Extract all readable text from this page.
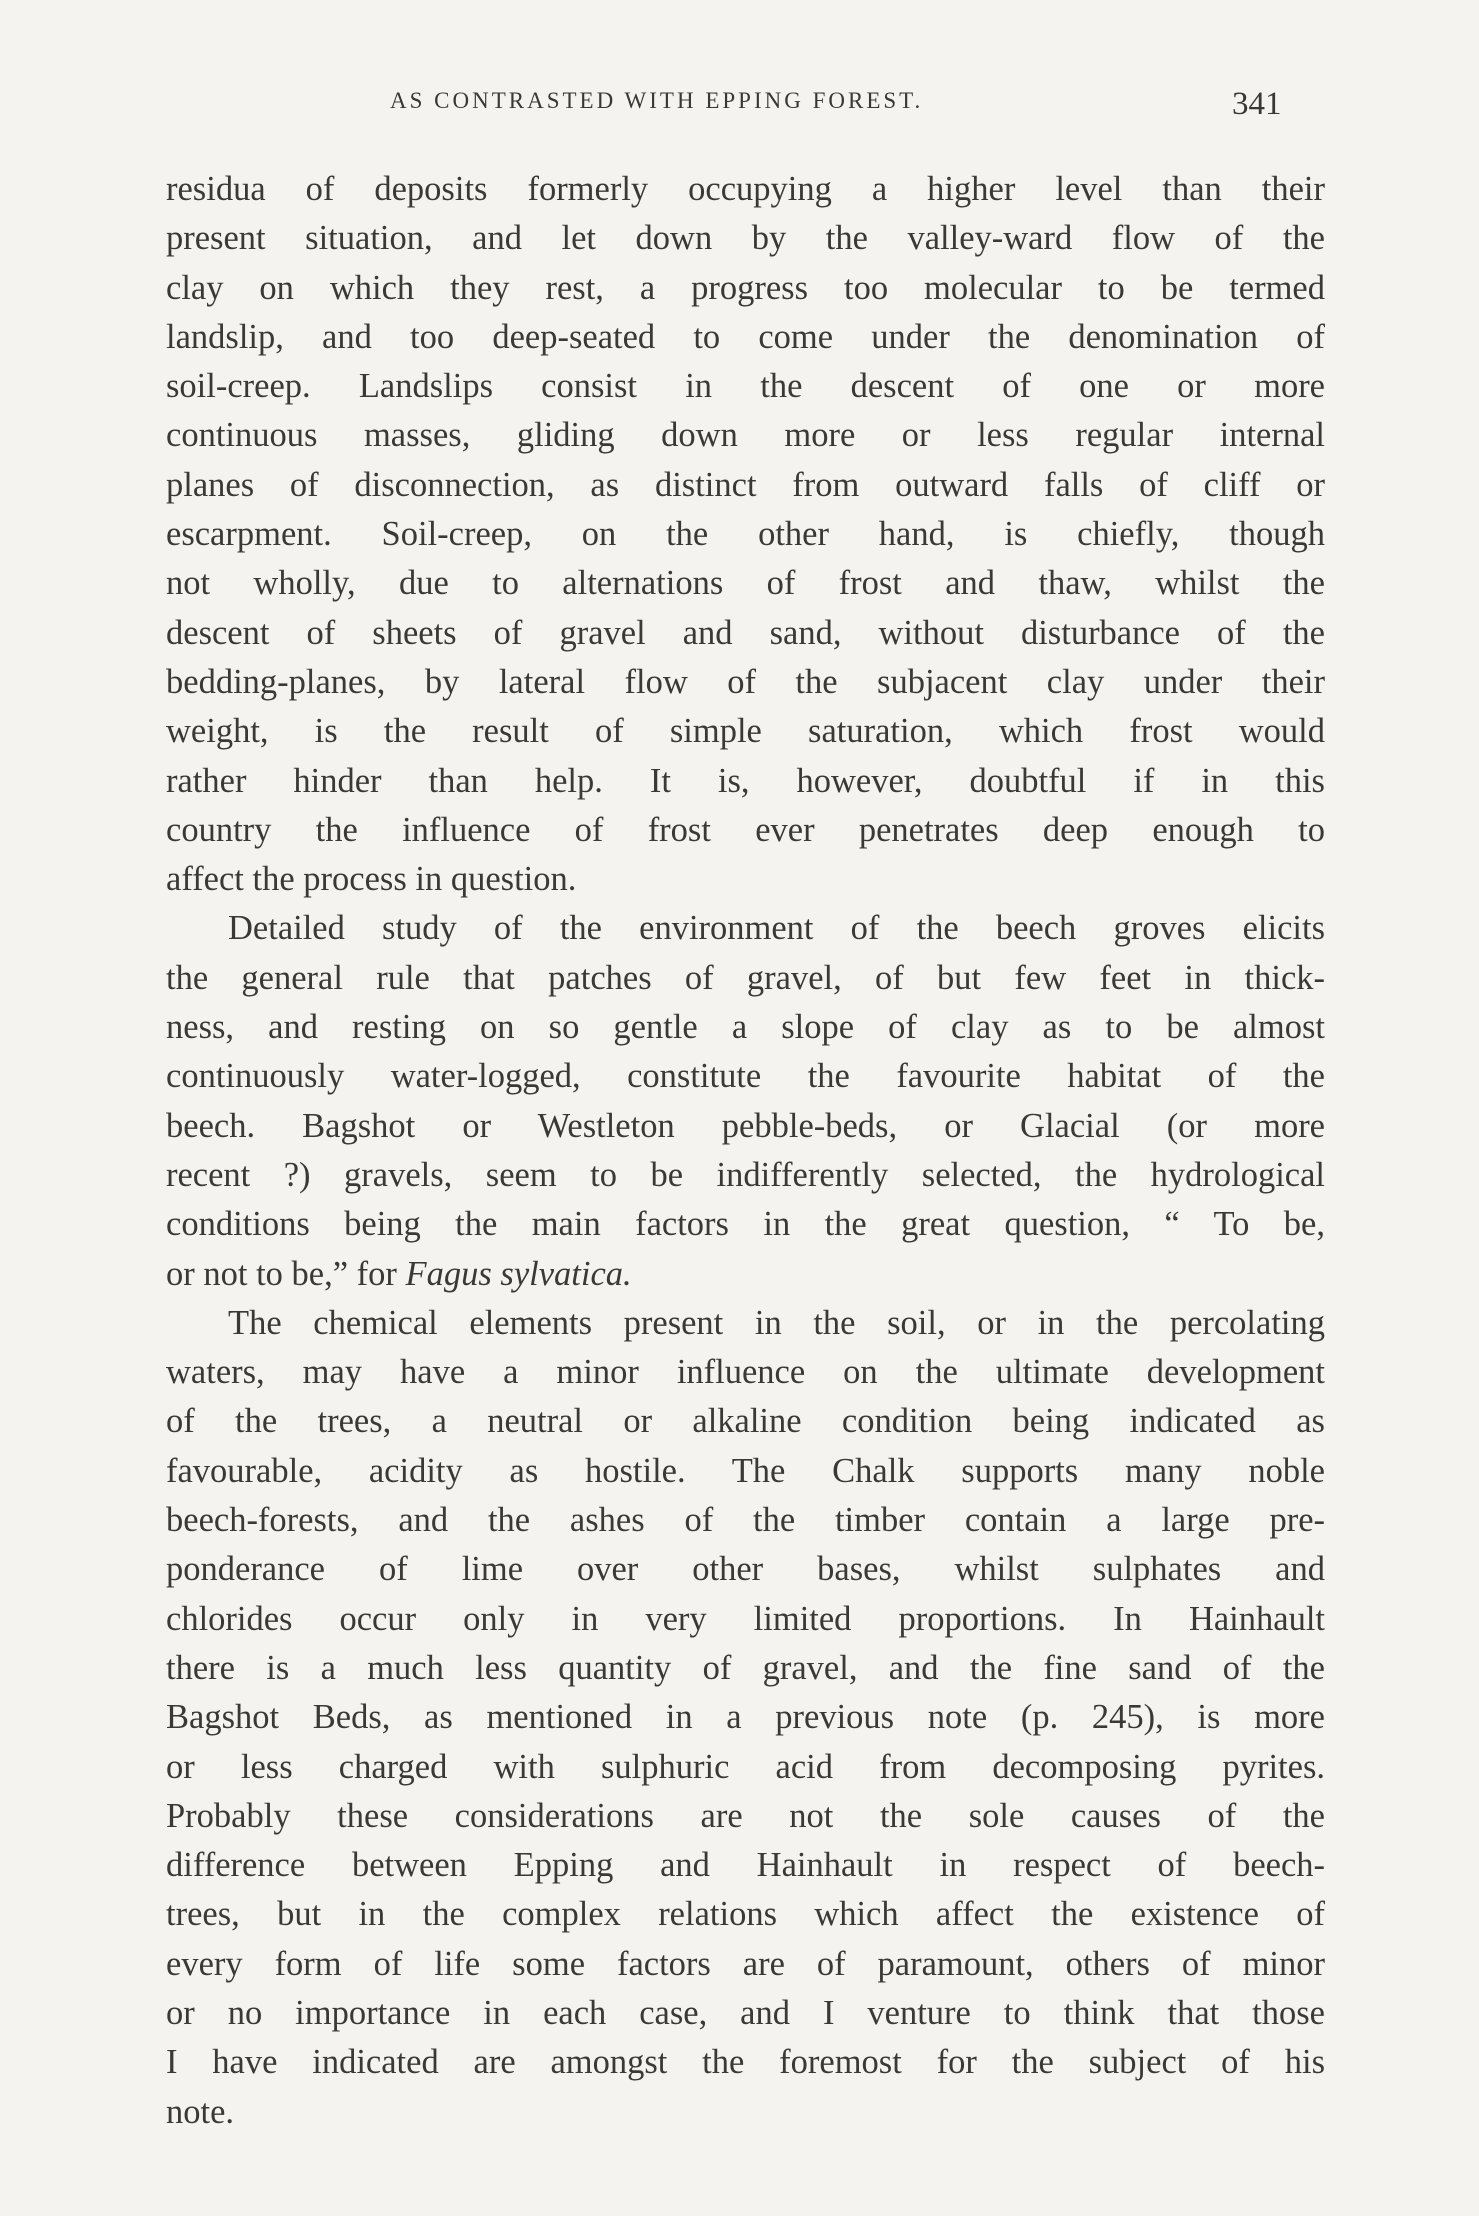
AS CONTRASTED WITH EPPING FOREST.	341
residua of deposits formerly occupying a higher level than their
present situation, and let down by the valley-ward flow of the
clay on which they rest, a progress too molecular to be termed
landslip, and too deep-seated to come under the denomination of
soil-creep. Landslips consist in the descent of one or more
continuous masses, gliding down more or less regular internal
planes of disconnection, as distinct from outward falls of cliff or
escarpment. Soil-creep, on the other hand, is chiefly, though
not wholly, due to alternations of frost and thaw, whilst the
descent of sheets of gravel and sand, without disturbance of the
bedding-planes, by lateral flow of the subjacent clay under their
weight, is the result of simple saturation, which frost would
rather hinder than help. It is, however, doubtful if in this
country the influence of frost ever penetrates deep enough to
affect the process in question.
Detailed study of the environment of the beech groves elicits
the general rule that patches of gravel, of but few feet in thick-
ness, and resting on so gentle a slope of clay as to be almost
continuously water-logged, constitute the favourite habitat of the
beech. Bagshot or Westleton pebble-beds, or Glacial (or more
recent ?) gravels, seem to be indifferently selected, the hydrological
conditions being the main factors in the great question, “ To be,
or not to be,” for Fagus sylvatica.
The chemical elements present in the soil, or in the percolating
waters, may have a minor influence on the ultimate development
of the trees, a neutral or alkaline condition being indicated as
favourable, acidity as hostile. The Chalk supports many noble
beech-forests, and the ashes of the timber contain a large pre-
ponderance of lime over other bases, whilst sulphates and
chlorides occur only in very limited proportions. In Hainhault
there is a much less quantity of gravel, and the fine sand of the
Bagshot Beds, as mentioned in a previous note (p. 245), is more
or less charged with sulphuric acid from decomposing pyrites.
Probably these considerations are not the sole causes of the
difference between Epping and Hainhault in respect of beech-
trees, but in the complex relations which affect the existence of
every form of life some factors are of paramount, others of minor
or no importance in each case, and I venture to think that those
I have indicated are amongst the foremost for the subject of his
note.
